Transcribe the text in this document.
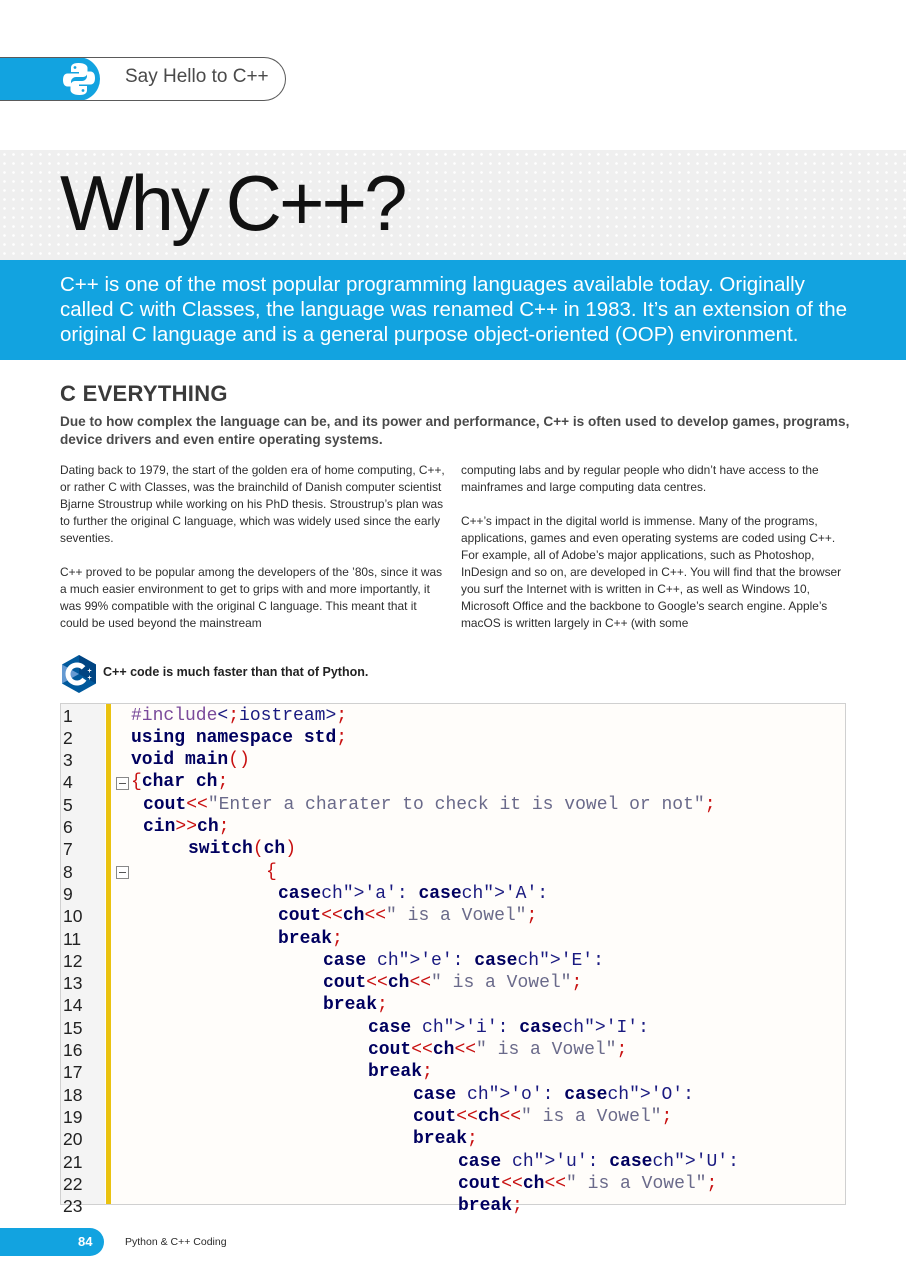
Say Hello to C++
Why C++?

C++ is one of the most popular programming languages available today. Originally called C with Classes, the language was renamed C++ in 1983. It’s an extension of the original C language and is a general purpose object-oriented (OOP) environment.

C EVERYTHING

Due to how complex the language can be, and its power and performance, C++ is often used to develop games, programs, device drivers and even entire operating systems.

Dating back to 1979, the start of the golden era of home computing, C++, or rather C with Classes, was the brainchild of Danish computer scientist Bjarne Stroustrup while working on his PhD thesis. Stroustrup’s plan was to further the original C language, which was widely used since the early seventies.

C++ proved to be popular among the developers of the ’80s, since it was a much easier environment to get to grips with and more importantly, it was 99% compatible with the original C language. This meant that it could be used beyond the mainstream

computing labs and by regular people who didn’t have access to the mainframes and large computing data centres.

C++’s impact in the digital world is immense. Many of the programs, applications, games and even operating systems are coded using C++. For example, all of Adobe’s major applications, such as Photoshop, InDesign and so on, are developed in C++. You will find that the browser you surf the Internet with is written in C++, as well as Windows 10, Microsoft Office and the backbone to Google’s search engine. Apple’s macOS is written largely in C++ (with some

+
+ C++ code is much faster than that of Python.
1
2
3
4
5
6
7
8
9
10
11
12
13
14
15
16
17
18
19
20
21
22
23
#include<;iostream>;
using namespace std;
void main()
{char ch;
cout<<"Enter a charater to check it is vowel or not";
cin>>ch;
switch(ch)
{
casech">'a': casech">'A':
cout<<ch<<" is a Vowel";
break;
case ch">'e': casech">'E':
cout<<ch<<" is a Vowel";
break;
case ch">'i': casech">'I':
cout<<ch<<" is a Vowel";
break;
case ch">'o': casech">'O':
cout<<ch<<" is a Vowel";
break;
case ch">'u': casech">'U':
cout<<ch<<" is a Vowel";
break;
84	Python & C++ Coding
